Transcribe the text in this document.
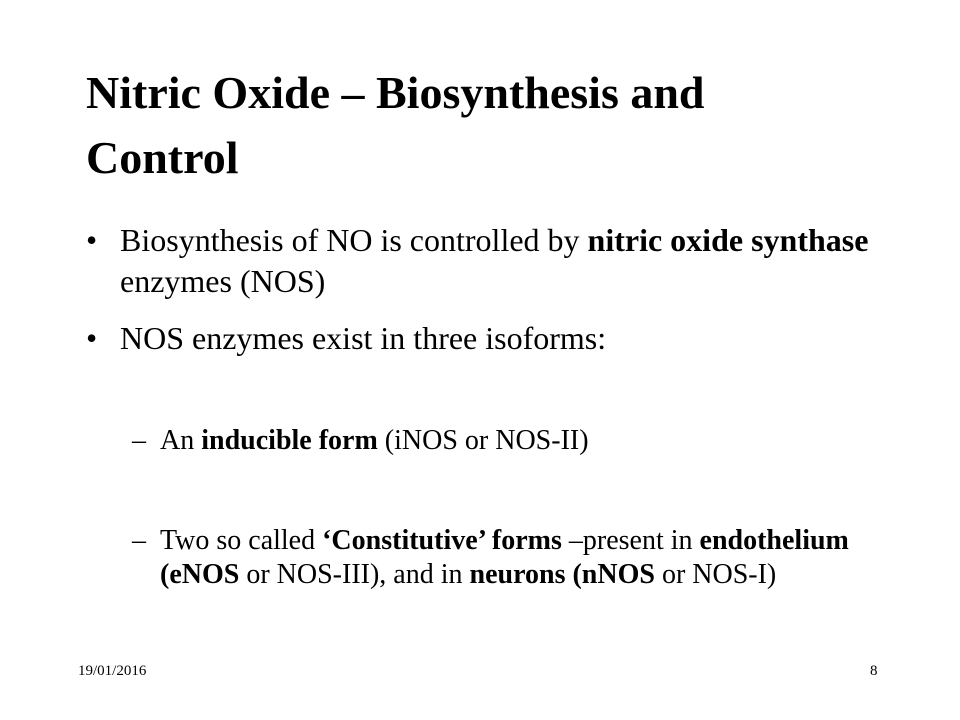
Nitric Oxide – Biosynthesis and
Control
• Biosynthesis of NO is controlled by nitric oxide synthase enzymes (NOS)
• NOS enzymes exist in three isoforms:
– An inducible form (iNOS or NOS-II)
– Two so called ‘Constitutive’ forms –present in endothelium (eNOS or NOS-III), and in neurons (nNOS or NOS-I)
19/01/2016	8
